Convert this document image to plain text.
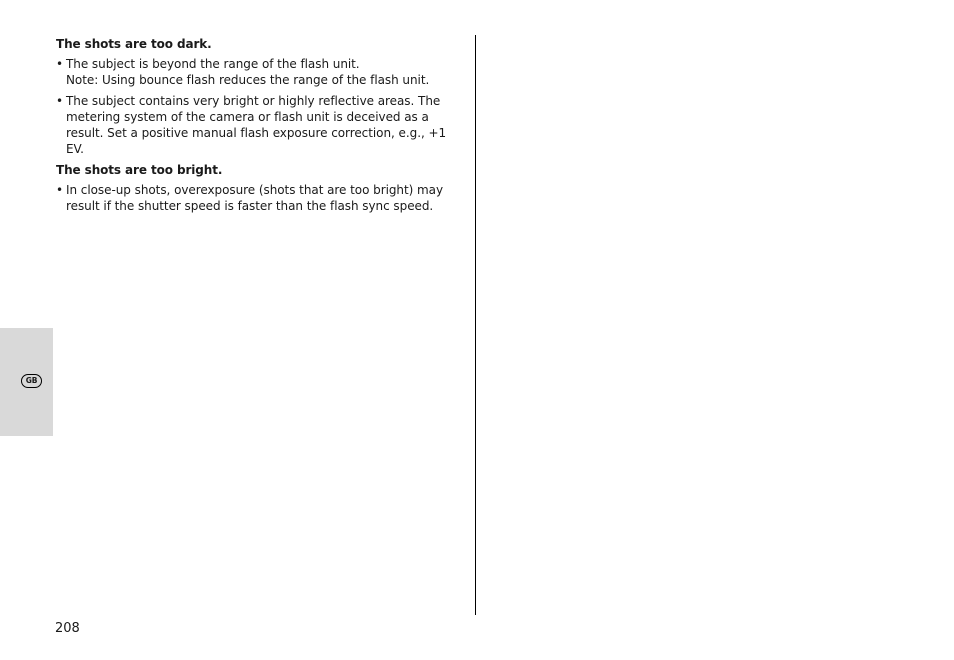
The shots are too dark.
• The subject is beyond the range of the flash unit.
Note: Using bounce flash reduces the range of the flash unit.
• The subject contains very bright or highly reflective areas. The metering system of the camera or flash unit is deceived as a result. Set a positive manual flash exposure correction, e.g., +1 EV.
The shots are too bright.
• In close-up shots, overexposure (shots that are too bright) may result if the shutter speed is faster than the flash sync speed.
GB
208
